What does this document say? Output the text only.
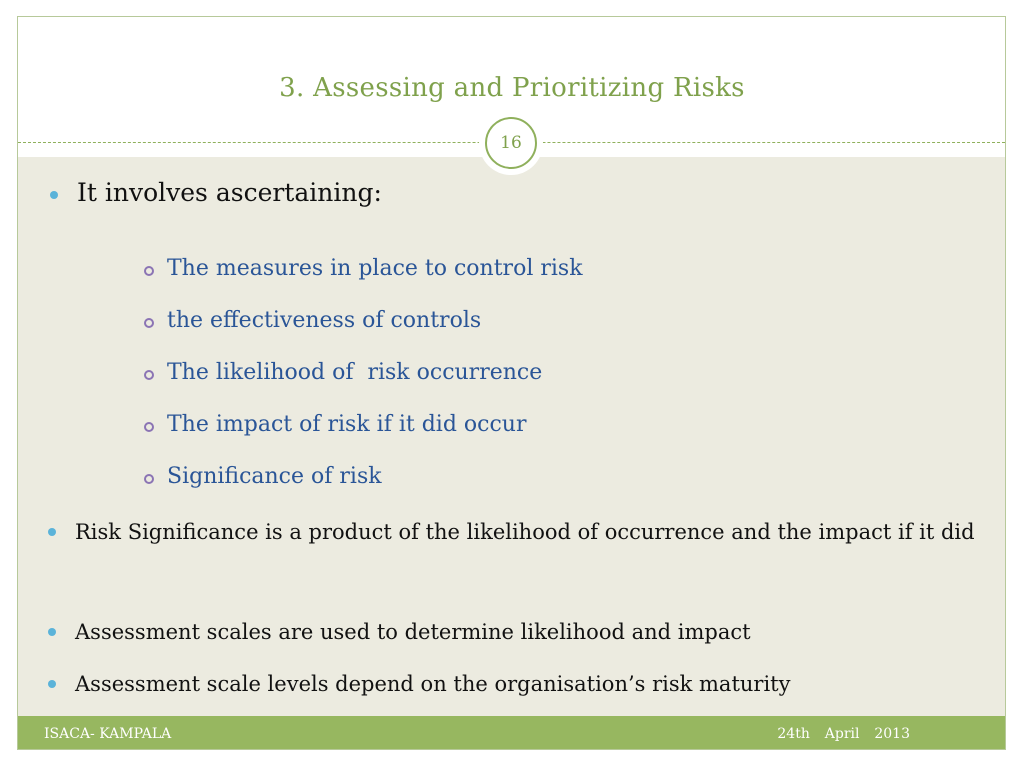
3. Assessing and Prioritizing Risks
16
It involves ascertaining:
The measures in place to control risk
the effectiveness of controls
The likelihood of  risk occurrence
The impact of risk if it did occur
Significance of risk
Risk Significance is a product of the likelihood of occurrence and the impact if it did
Assessment scales are used to determine likelihood and impact
Assessment scale levels depend on the organisation’s risk maturity
ISACA- KAMPALA	24th  April  2013
